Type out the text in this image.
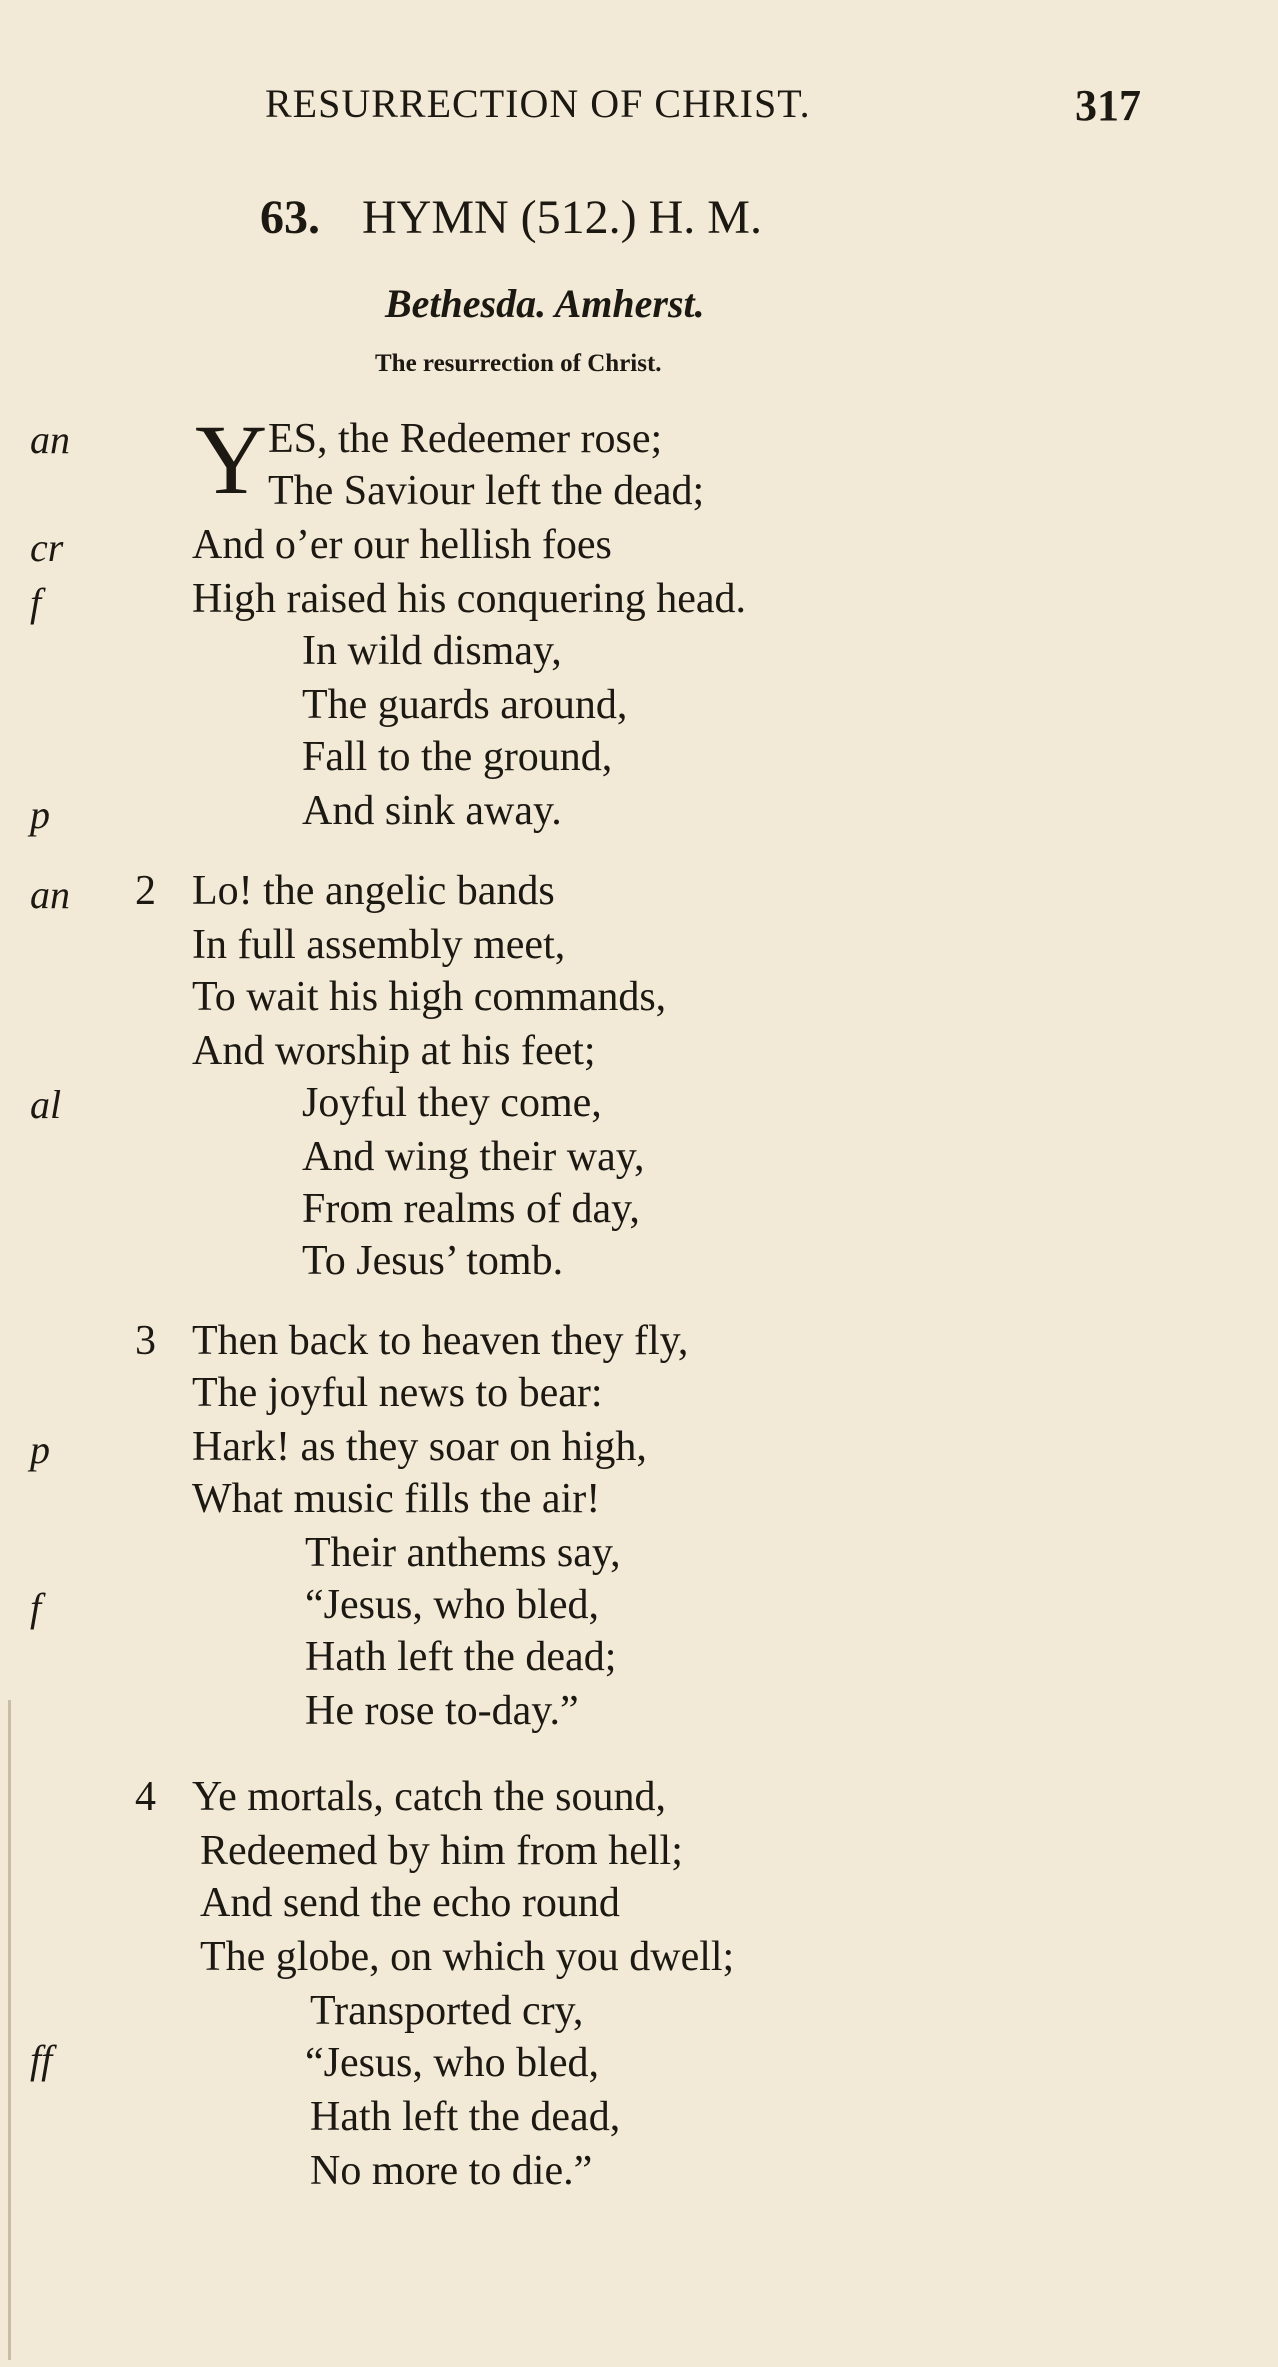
RESURRECTION OF CHRIST.	317
63. HYMN (512.) H. M.
Bethesda. Amherst.
The resurrection of Christ.
Y
an
cr
f
p
ES, the Redeemer rose;
The Saviour left the dead;
And o’er our hellish foes
High raised his conquering head.
In wild dismay,
The guards around,
Fall to the ground,
And sink away.
an
al
2 Lo! the angelic bands
In full assembly meet,
To wait his high commands,
And worship at his feet;
Joyful they come,
And wing their way,
From realms of day,
To Jesus’ tomb.
p
f
3 Then back to heaven they fly,
The joyful news to bear:
Hark! as they soar on high,
What music fills the air!
Their anthems say,
“Jesus, who bled,
Hath left the dead;
He rose to-day.”
ff
4 Ye mortals, catch the sound,
Redeemed by him from hell;
And send the echo round
The globe, on which you dwell;
Transported cry,
“Jesus, who bled,
Hath left the dead,
No more to die.”
